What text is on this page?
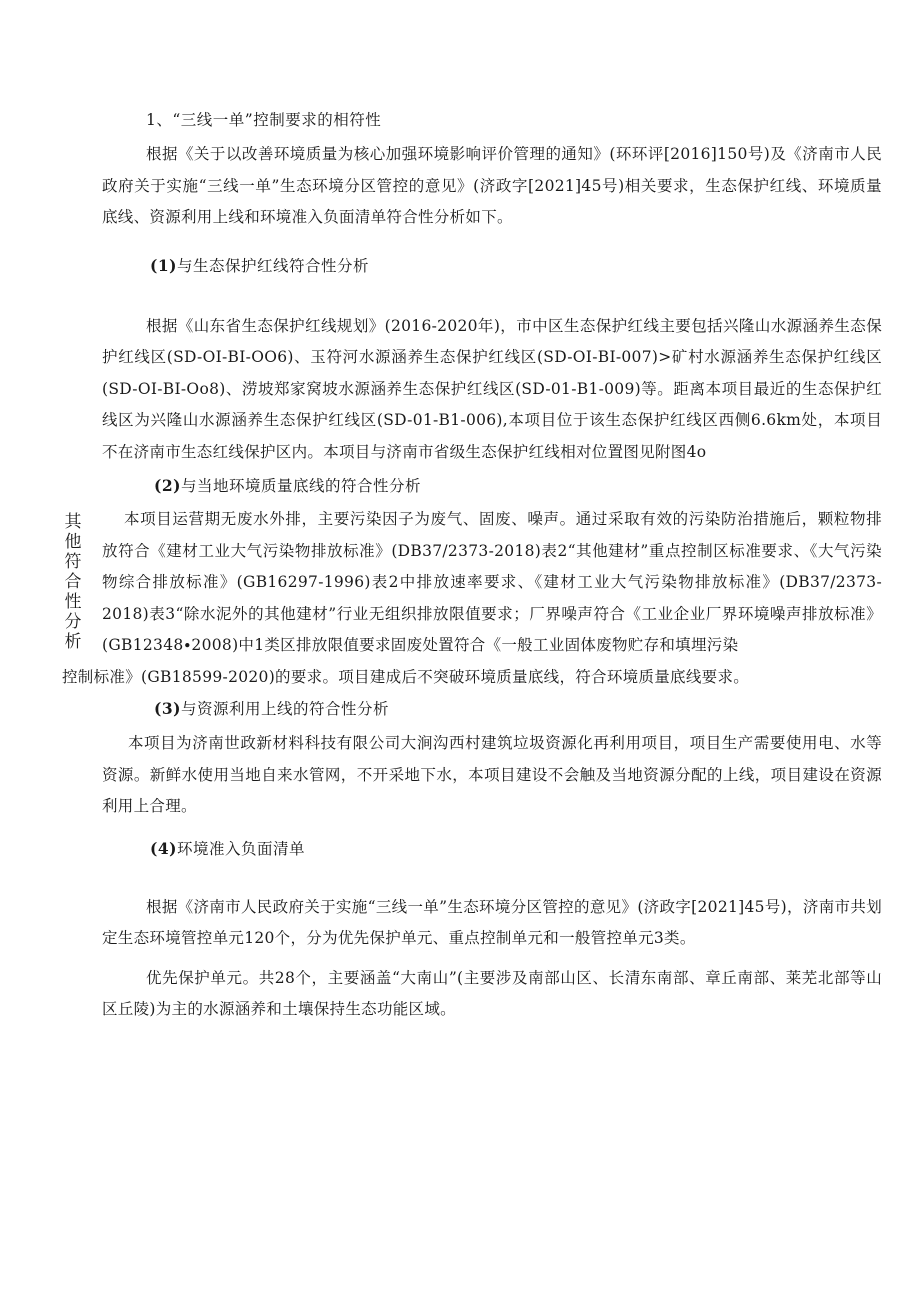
其他符合性分析
1、“三线一单”控制要求的相符性

根据《关于以改善环境质量为核心加强环境影响评价管理的通知》(环环评[2016]150号)及《济南市人民政府关于实施“三线一单”生态环境分区管控的意见》(济政字[2021]45号)相关要求，生态保护红线、环境质量底线、资源利用上线和环境准入负面清单符合性分析如下。

(1)与生态保护红线符合性分析

根据《山东省生态保护红线规划》(2016-2020年)，市中区生态保护红线主要包括兴隆山水源涵养生态保护红线区(SD-OI-BI-OO6)、玉符河水源涵养生态保护红线区(SD-OI-BI-007)>矿村水源涵养生态保护红线区(SD-OI-BI-Oo8)、涝坡郑家窝坡水源涵养生态保护红线区(SD-01-B1-009)等。距离本项目最近的生态保护红线区为兴隆山水源涵养生态保护红线区(SD-01-B1-006),本项目位于该生态保护红线区西侧6.6km处，本项目不在济南市生态红线保护区内。本项目与济南市省级生态保护红线相对位置图见附图4o

(2)与当地环境质量底线的符合性分析

本项目运营期无废水外排，主要污染因子为废气、固废、噪声。通过采取有效的污染防治措施后，颗粒物排放符合《建材工业大气污染物排放标准》(DB37/2373-2018)表2“其他建材”重点控制区标准要求、《大气污染物综合排放标准》(GB16297-1996)表2中排放速率要求、《建材工业大气污染物排放标准》(DB37/2373-2018)表3“除水泥外的其他建材”行业无组织排放限值要求；厂界噪声符合《工业企业厂界环境噪声排放标准》(GB12348∙2008)中1类区排放限值要求固废处置符合《一般工业固体废物贮存和填埋污染
控制标准》(GB18599-2020)的要求。项目建成后不突破环境质量底线，符合环境质量底线要求。

(3)与资源利用上线的符合性分析

本项目为济南世政新材料科技有限公司大涧沟西村建筑垃圾资源化再利用项目，项目生产需要使用电、水等资源。新鲜水使用当地自来水管网，不开采地下水，本项目建设不会触及当地资源分配的上线，项目建设在资源利用上合理。

(4)环境准入负面清单

根据《济南市人民政府关于实施“三线一单”生态环境分区管控的意见》(济政字[2021]45号)，济南市共划定生态环境管控单元120个，分为优先保护单元、重点控制单元和一般管控单元3类。

优先保护单元。共28个，主要涵盖“大南山”(主要涉及南部山区、长清东南部、章丘南部、莱芜北部等山区丘陵)为主的水源涵养和土壤保持生态功能区域。
